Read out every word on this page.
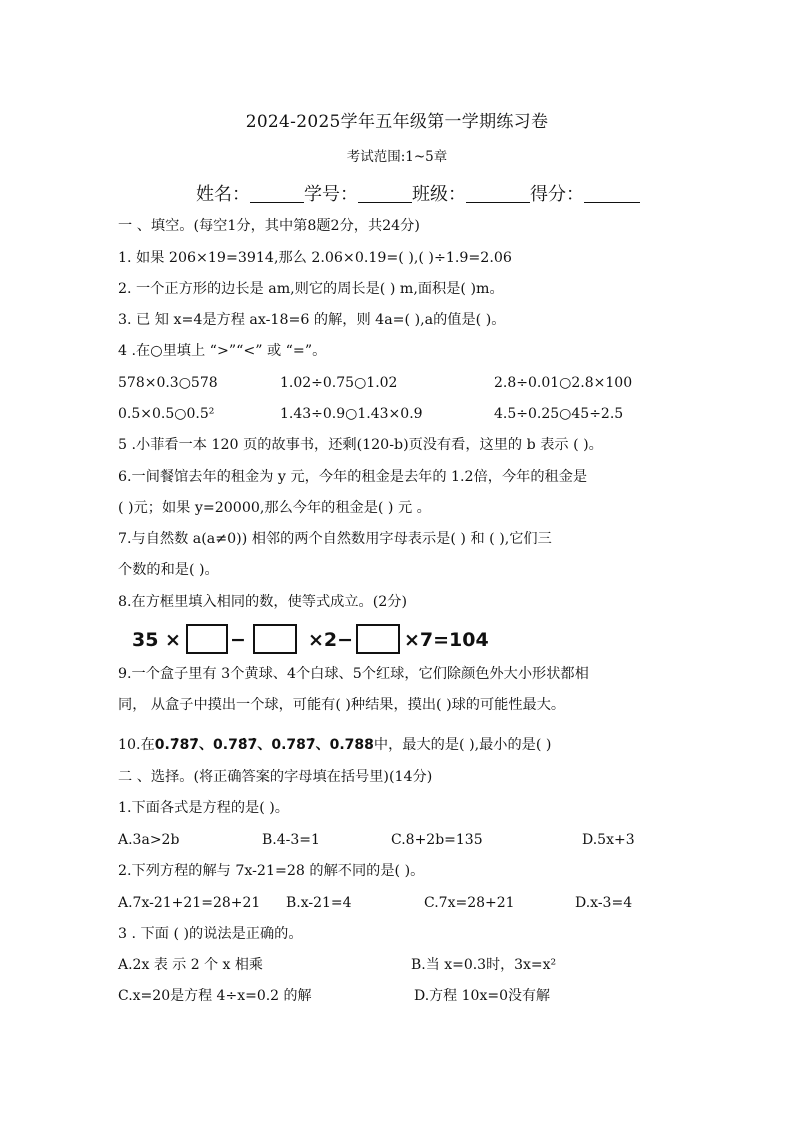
2024-2025学年五年级第一学期练习卷
考试范围:1~5章
姓名：	学号：	班级：	得分：
一 、填空。(每空1分，其中第8题2分，共24分)
1. 如果 206×19=3914,那么 2.06×0.19=( ),( )÷1.9=2.06
2. 一个正方形的边长是 am,则它的周长是( ) m,面积是( )m。
3. 已 知 x=4是方程 ax-18=6 的解，则 4a=( ),a的值是( )。
4 .在○里填上 “>”“<” 或 “=”。
578×0.3○578	1.02÷0.75○1.02	2.8÷0.01○2.8×100
0.5×0.5○0.5²	1.43÷0.9○1.43×0.9	4.5÷0.25○45÷2.5
5 .小菲看一本 120 页的故事书，还剩(120-b)页没有看，这里的 b 表示 ( )。
6.一间餐馆去年的租金为 y 元，今年的租金是去年的 1.2倍，今年的租金是
( )元；如果 y=20000,那么今年的租金是( ) 元 。
7.与自然数 a(a≠0)) 相邻的两个自然数用字母表示是( ) 和 ( ),它们三
个数的和是( )。
8.在方框里填入相同的数，使等式成立。(2分)
35 ×	−	×2−	×7=104
9.一个盒子里有 3个黄球、4个白球、5个红球，它们除颜色外大小形状都相
同， 从盒子中摸出一个球，可能有( )种结果，摸出( )球的可能性最大。
10.在0.7̇87̇、0.78̇7̇、0.787̇、0.788中，最大的是( ),最小的是( )
二 、选择。(将正确答案的字母填在括号里)(14分)
1.下面各式是方程的是( )。
A.3a>2b	B.4-3=1	C.8+2b=135	D.5x+3
2.下列方程的解与 7x-21=28 的解不同的是( )。
A.7x-21+21=28+21 B.x-21=4	C.7x=28+21	D.x-3=4
3 . 下面 ( )的说法是正确的。
A.2x 表 示 2 个 x 相乘	B.当 x=0.3时，3x=x²
C.x=20是方程 4÷x=0.2 的解	D.方程 10x=0没有解
